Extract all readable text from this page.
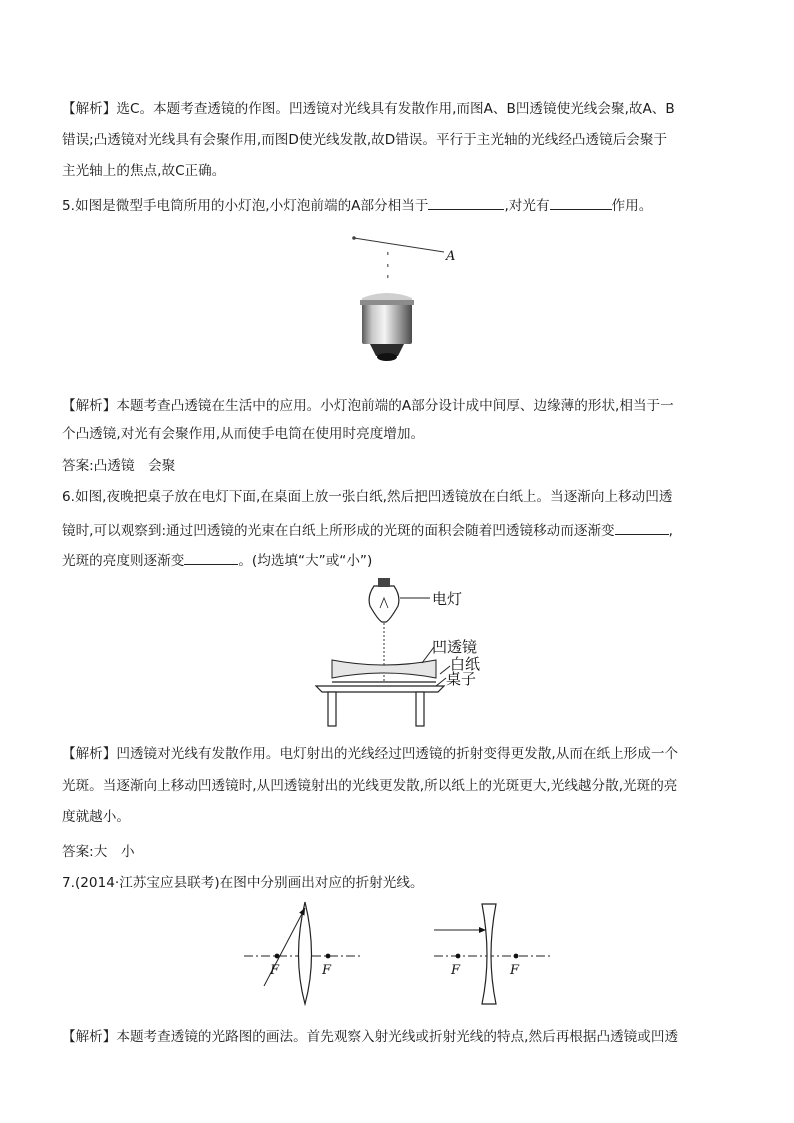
【解析】选C。本题考查透镜的作图。凹透镜对光线具有发散作用,而图A、B凹透镜使光线会聚,故A、B
错误;凸透镜对光线具有会聚作用,而图D使光线发散,故D错误。平行于主光轴的光线经凸透镜后会聚于
主光轴上的焦点,故C正确。
5.如图是微型手电筒所用的小灯泡,小灯泡前端的A部分相当于	,对光有	作用。
A
【解析】本题考查凸透镜在生活中的应用。小灯泡前端的A部分设计成中间厚、边缘薄的形状,相当于一
个凸透镜,对光有会聚作用,从而使手电筒在使用时亮度增加。
答案:凸透镜　会聚
6.如图,夜晚把桌子放在电灯下面,在桌面上放一张白纸,然后把凹透镜放在白纸上。当逐渐向上移动凹透
镜时,可以观察到:通过凹透镜的光束在白纸上所形成的光斑的面积会随着凹透镜移动而逐渐变	,
光斑的亮度则逐渐变	。(均选填“大”或“小”)
电灯
凹透镜
白纸
桌子
【解析】凹透镜对光线有发散作用。电灯射出的光线经过凹透镜的折射变得更发散,从而在纸上形成一个
光斑。当逐渐向上移动凹透镜时,从凹透镜射出的光线更发散,所以纸上的光斑更大,光线越分散,光斑的亮
度就越小。
答案:大　小
7.(2014·江苏宝应县联考)在图中分别画出对应的折射光线。
F	F	F	F
【解析】本题考查透镜的光路图的画法。首先观察入射光线或折射光线的特点,然后再根据凸透镜或凹透
